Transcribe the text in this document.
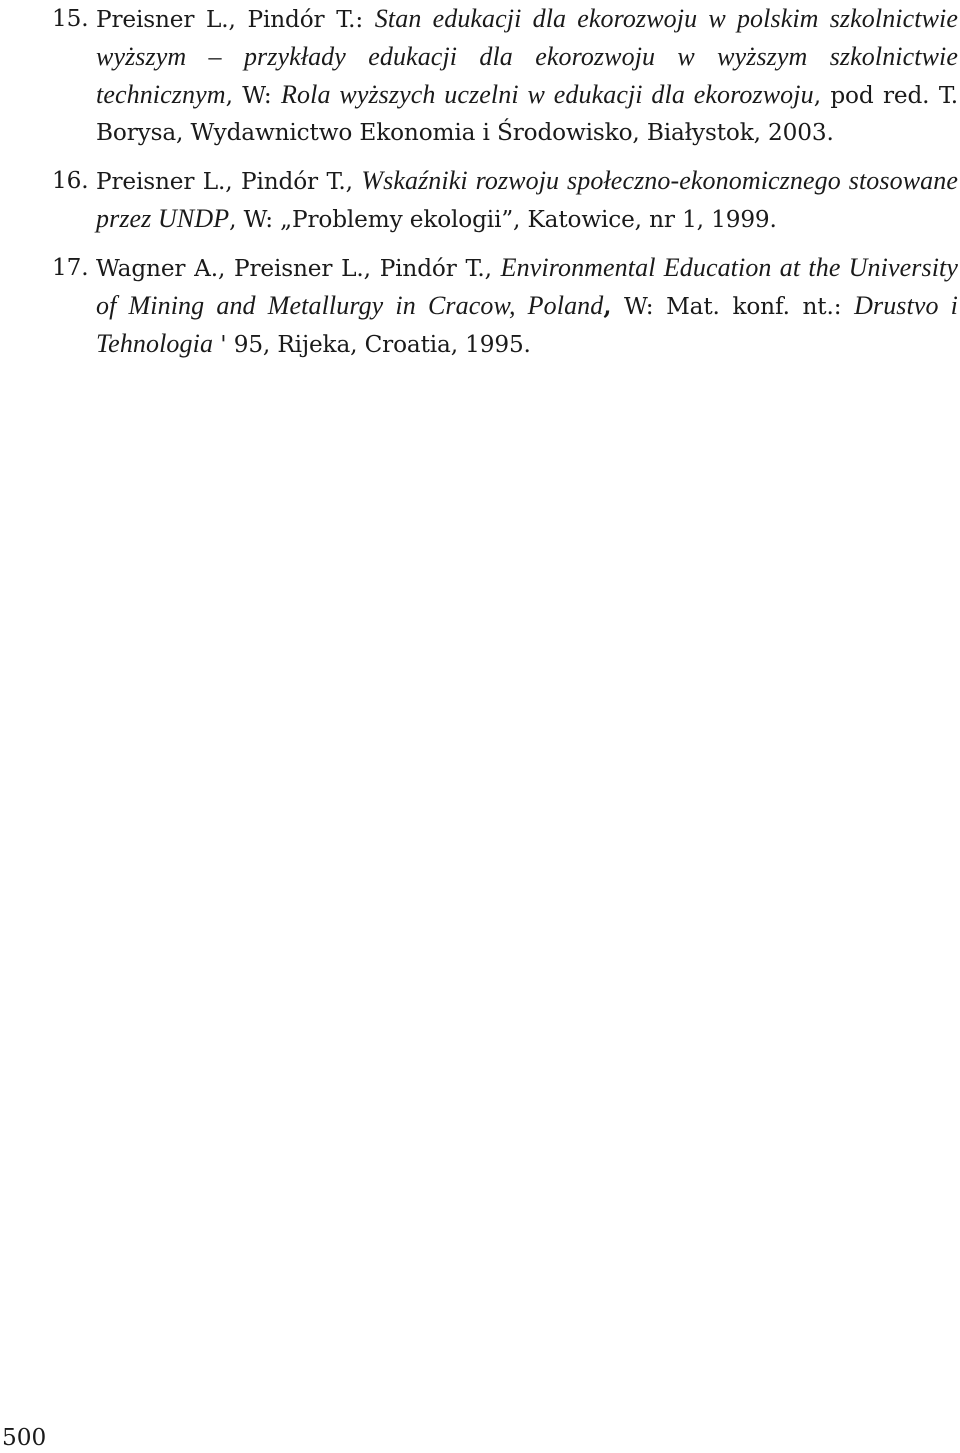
15. Preisner L., Pindór T.: Stan edukacji dla ekorozwoju w polskim szkolnictwie wyższym – przykłady edukacji dla ekorozwoju w wyższym szkolnictwie technicznym, W: Rola wyższych uczelni w edukacji dla ekorozwoju, pod red. T. Borysa, Wydawnictwo Ekonomia i Środowisko, Białystok, 2003.
16. Preisner L., Pindór T., Wskaźniki rozwoju społeczno-ekonomicznego stosowane przez UNDP, W: „Problemy ekologii”, Katowice, nr 1, 1999.
17. Wagner A., Preisner L., Pindór T., Environmental Education at the University of Mining and Metallurgy in Cracow, Poland, W: Mat. konf. nt.: Drustvo i Tehnologia ' 95, Rijeka, Croatia, 1995.
500
